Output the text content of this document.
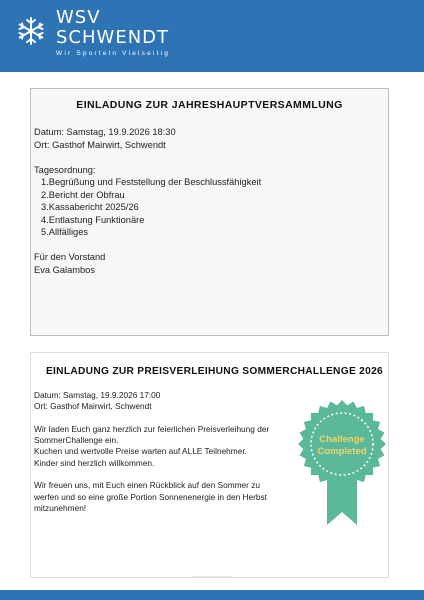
WSV
SCHWENDT
Wir Sporteln Vielseitig
EINLADUNG ZUR JAHRESHAUPTVERSAMMLUNG

Datum: Samstag, 19.9.2026 18:30

Ort: Gasthof Mairwirt, Schwendt

Tagesordnung:

1.Begrüßung und Feststellung der Beschlussfähigkeit
2.Bericht der Obfrau
3.Kassabericht 2025/26
4.Entlastung Funktionäre
5.Allfälliges

Für den Vorstand

Eva Galambos

EINLADUNG ZUR PREISVERLEIHUNG SOMMERCHALLENGE 2026

Datum: Samstag, 19.9.2026 17:00

Ort: Gasthof Mairwirt, Schwendt

Wir laden Euch ganz herzlich zur feierlichen Preisverleihung der

SommerChallenge ein.

Kuchen und wertvolle Preise warten auf ALLE Teilnehmer.

Kinder sind herzlich willkommen.

Wir freuen uns, mit Euch einen Rückblick auf den Sommer zu

werfen und so eine große Portion Sonnenenergie in den Herbst

mitzunehmen!

Challenge
Completed
